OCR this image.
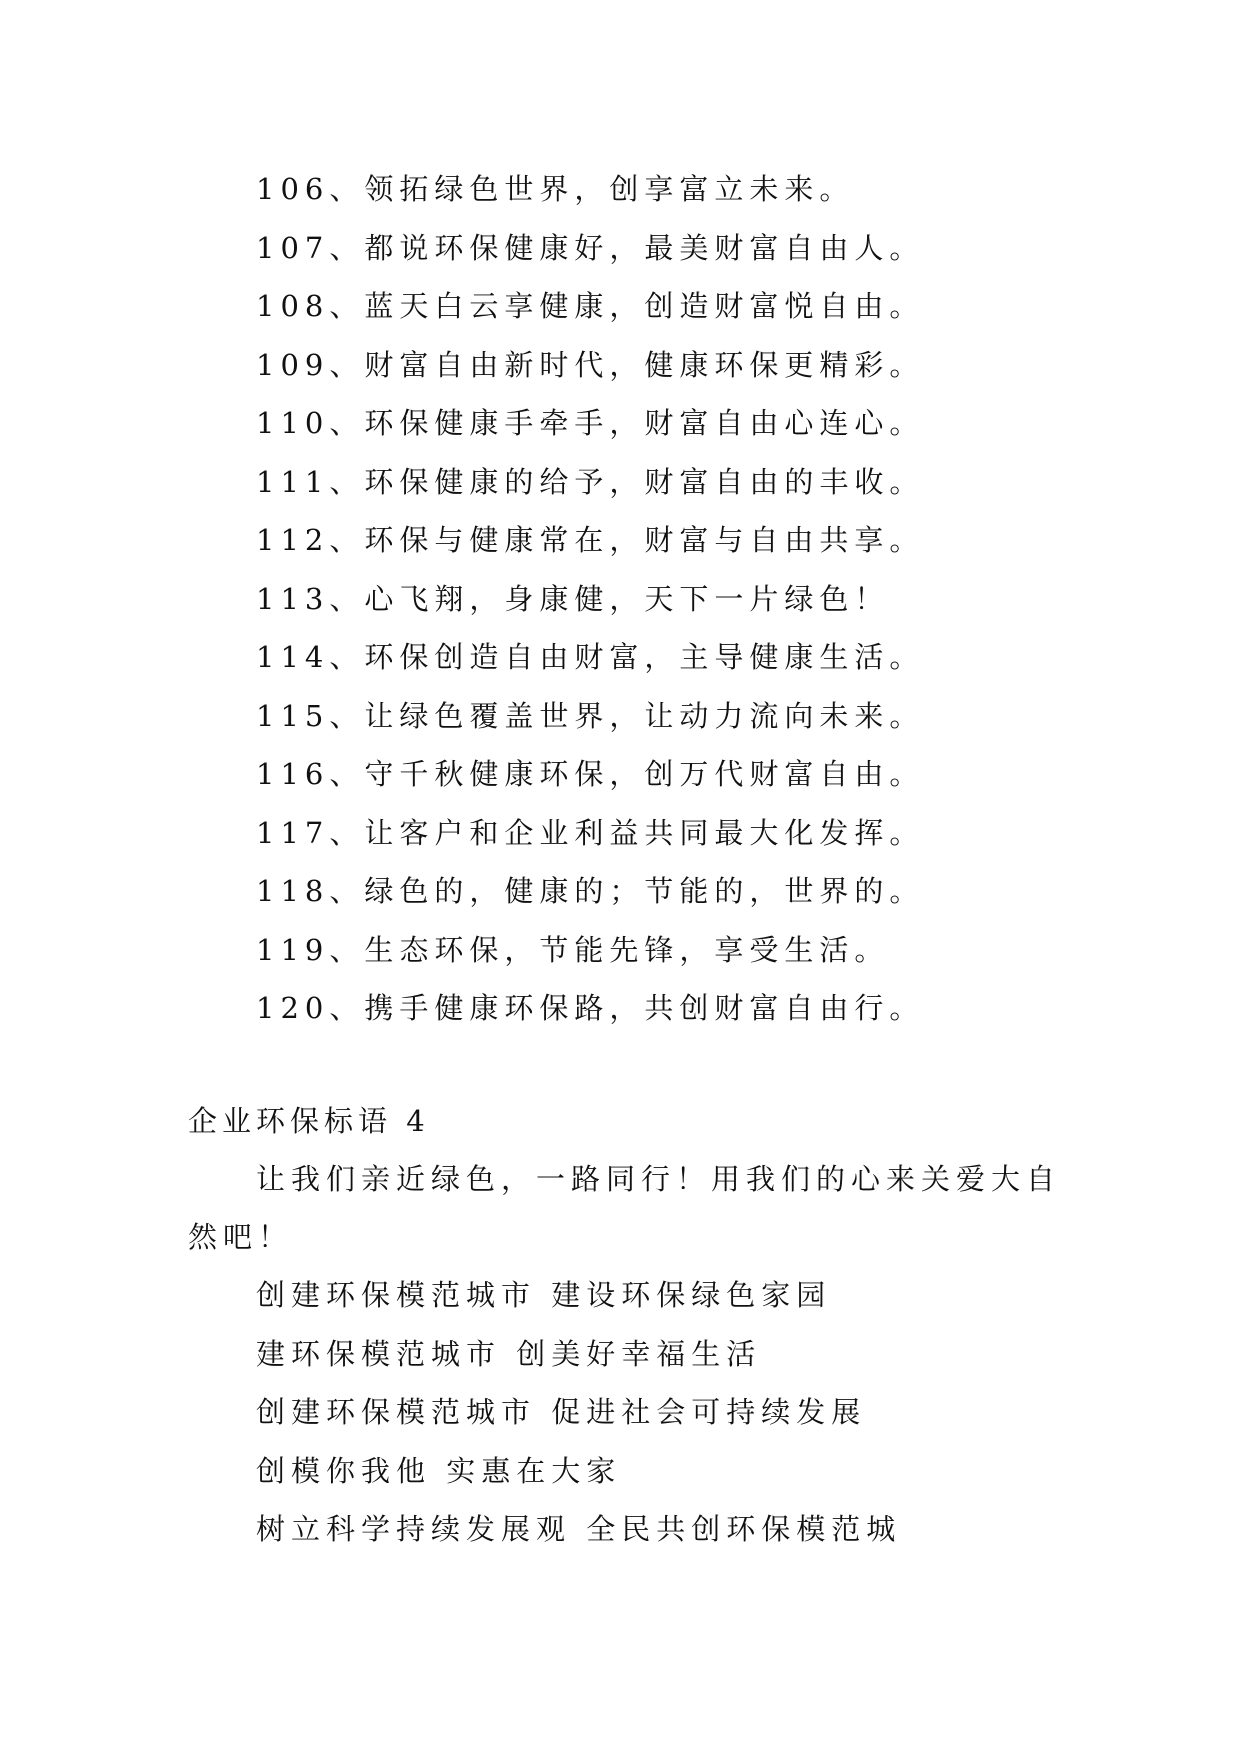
106、领拓绿色世界，创享富立未来。
107、都说环保健康好，最美财富自由人。
108、蓝天白云享健康，创造财富悦自由。
109、财富自由新时代，健康环保更精彩。
110、环保健康手牵手，财富自由心连心。
111、环保健康的给予，财富自由的丰收。
112、环保与健康常在，财富与自由共享。
113、心飞翔，身康健，天下一片绿色！
114、环保创造自由财富，主导健康生活。
115、让绿色覆盖世界，让动力流向未来。
116、守千秋健康环保，创万代财富自由。
117、让客户和企业利益共同最大化发挥。
118、绿色的，健康的；节能的，世界的。
119、生态环保，节能先锋，享受生活。
120、携手健康环保路，共创财富自由行。
企业环保标语 4
让我们亲近绿色，一路同行！用我们的心来关爱大自然吧！
创建环保模范城市 建设环保绿色家园
建环保模范城市 创美好幸福生活
创建环保模范城市 促进社会可持续发展
创模你我他 实惠在大家
树立科学持续发展观 全民共创环保模范城
